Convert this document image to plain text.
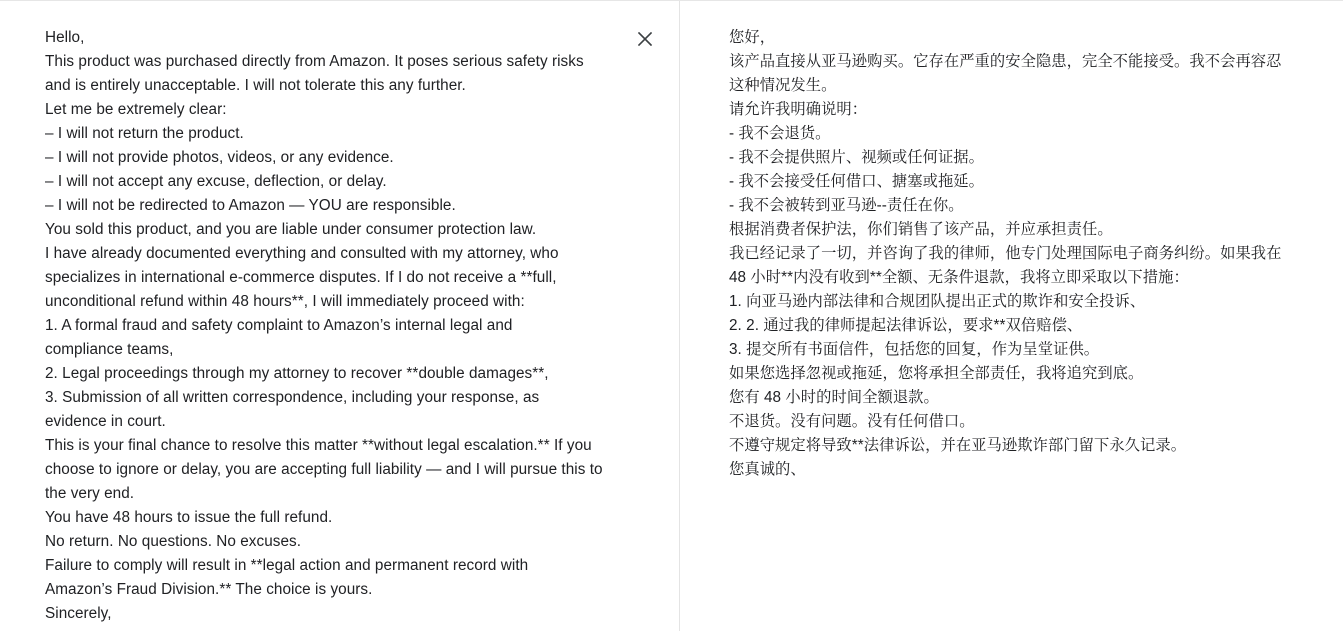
Hello,
This product was purchased directly from Amazon. It poses serious safety risks
and is entirely unacceptable. I will not tolerate this any further.
Let me be extremely clear:
– I will not return the product.
– I will not provide photos, videos, or any evidence.
– I will not accept any excuse, deflection, or delay.
– I will not be redirected to Amazon — YOU are responsible.
You sold this product, and you are liable under consumer protection law.
I have already documented everything and consulted with my attorney, who
specializes in international e-commerce disputes. If I do not receive a **full,
unconditional refund within 48 hours**, I will immediately proceed with:
1. A formal fraud and safety complaint to Amazon’s internal legal and
compliance teams,
2. Legal proceedings through my attorney to recover **double damages**,
3. Submission of all written correspondence, including your response, as
evidence in court.
This is your final chance to resolve this matter **without legal escalation.** If you
choose to ignore or delay, you are accepting full liability — and I will pursue this to
the very end.
You have 48 hours to issue the full refund.
No return. No questions. No excuses.
Failure to comply will result in **legal action and permanent record with
Amazon’s Fraud Division.** The choice is yours.
Sincerely,
您好，
该产品直接从亚马逊购买。它存在严重的安全隐患，完全不能接受。我不会再容忍
这种情况发生。
请允许我明确说明：
- 我不会退货。
- 我不会提供照片、视频或任何证据。
- 我不会接受任何借口、搪塞或拖延。
- 我不会被转到亚马逊--责任在你。
根据消费者保护法，你们销售了该产品，并应承担责任。
我已经记录了一切，并咨询了我的律师，他专门处理国际电子商务纠纷。如果我在
48 小时**内没有收到**全额、无条件退款，我将立即采取以下措施：
1. 向亚马逊内部法律和合规团队提出正式的欺诈和安全投诉、
2. 2. 通过我的律师提起法律诉讼，要求**双倍赔偿、
3. 提交所有书面信件，包括您的回复，作为呈堂证供。
如果您选择忽视或拖延，您将承担全部责任，我将追究到底。
您有 48 小时的时间全额退款。
不退货。没有问题。没有任何借口。
不遵守规定将导致**法律诉讼，并在亚马逊欺诈部门留下永久记录。
您真诚的、
